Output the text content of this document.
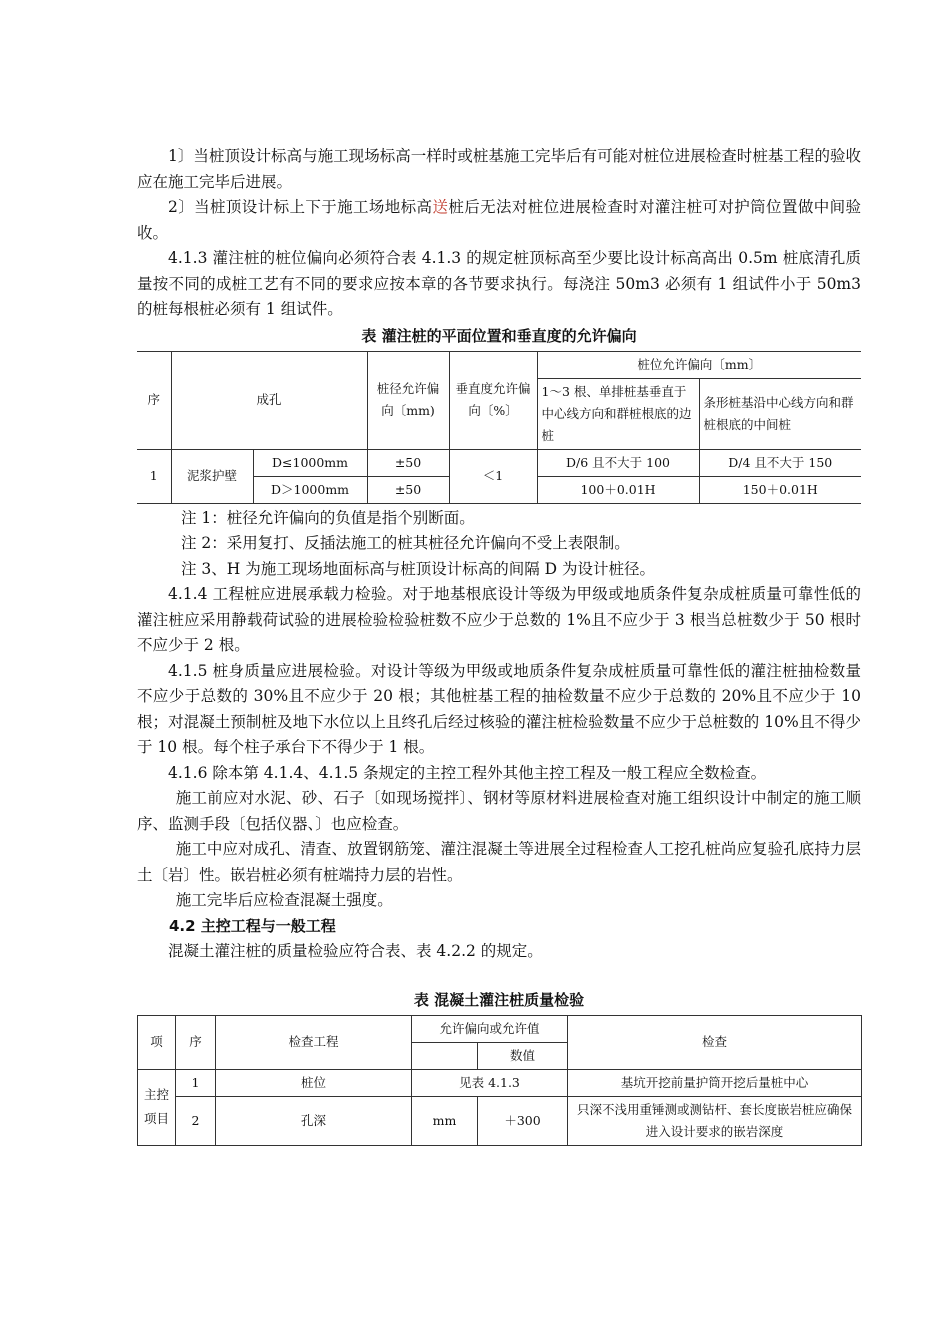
1〕当桩顶设计标高与施工现场标高一样时或桩基施工完毕后有可能对桩位进展检查时桩基工程的验收应在施工完毕后进展。

2〕当桩顶设计标上下于施工场地标高送桩后无法对桩位进展检查时对灌注桩可对护筒位置做中间验收。

4.1.3 灌注桩的桩位偏向必须符合表 4.1.3 的规定桩顶标高至少要比设计标高高出 0.5m 桩底清孔质量按不同的成桩工艺有不同的要求应按本章的各节要求执行。每浇注 50m3 必须有 1 组试件小于 50m3 的桩每根桩必须有 1 组试件。

表 灌注桩的平面位置和垂直度的允许偏向
序	成孔		桩径允许偏向〔mm)	垂直度允许偏向〔%〕	桩位允许偏向〔mm〕	
					1～3 根、单排桩基垂直于中心线方向和群桩根底的边桩	条形桩基沿中心线方向和群桩根底的中间桩
1	泥浆护壁	D≤1000mm	±50	＜1	D/6 且不大于 100	D/4 且不大于 150
		D＞1000mm	±50		100＋0.01H	150＋0.01H

注 1：桩径允许偏向的负值是指个别断面。

注 2：采用复打、反插法施工的桩其桩径允许偏向不受上表限制。

注 3、H 为施工现场地面标高与桩顶设计标高的间隔 D 为设计桩径。

4.1.4 工程桩应进展承载力检验。对于地基根底设计等级为甲级或地质条件复杂成桩质量可靠性低的灌注桩应采用静载荷试验的进展检验检验桩数不应少于总数的 1%且不应少于 3 根当总桩数少于 50 根时不应少于 2 根。

4.1.5 桩身质量应进展检验。对设计等级为甲级或地质条件复杂成桩质量可靠性低的灌注桩抽检数量不应少于总数的 30%且不应少于 20 根；其他桩基工程的抽检数量不应少于总数的 20%且不应少于 10 根；对混凝土预制桩及地下水位以上且终孔后经过核验的灌注桩检验数量不应少于总桩数的 10%且不得少于 10 根。每个柱子承台下不得少于 1 根。

4.1.6 除本第 4.1.4、4.1.5 条规定的主控工程外其他主控工程及一般工程应全数检查。

施工前应对水泥、砂、石子〔如现场搅拌〕、钢材等原材料进展检查对施工组织设计中制定的施工顺序、监测手段〔包括仪器、〕也应检查。

施工中应对成孔、清查、放置钢筋笼、灌注混凝土等进展全过程检查人工挖孔桩尚应复验孔底持力层土〔岩〕性。嵌岩桩必须有桩端持力层的岩性。

施工完毕后应检查混凝土强度。

4.2 主控工程与一般工程

混凝土灌注桩的质量检验应符合表、表 4.2.2 的规定。

表 混凝土灌注桩质量检验
项	序	检查工程	允许偏向或允许值		检查
				数值	
主控项目	1	桩位	见表 4.1.3		基坑开挖前量护筒开挖后量桩中心
	2	孔深	mm	＋300	只深不浅用重锤测或测钻杆、套长度嵌岩桩应确保进入设计要求的嵌岩深度
